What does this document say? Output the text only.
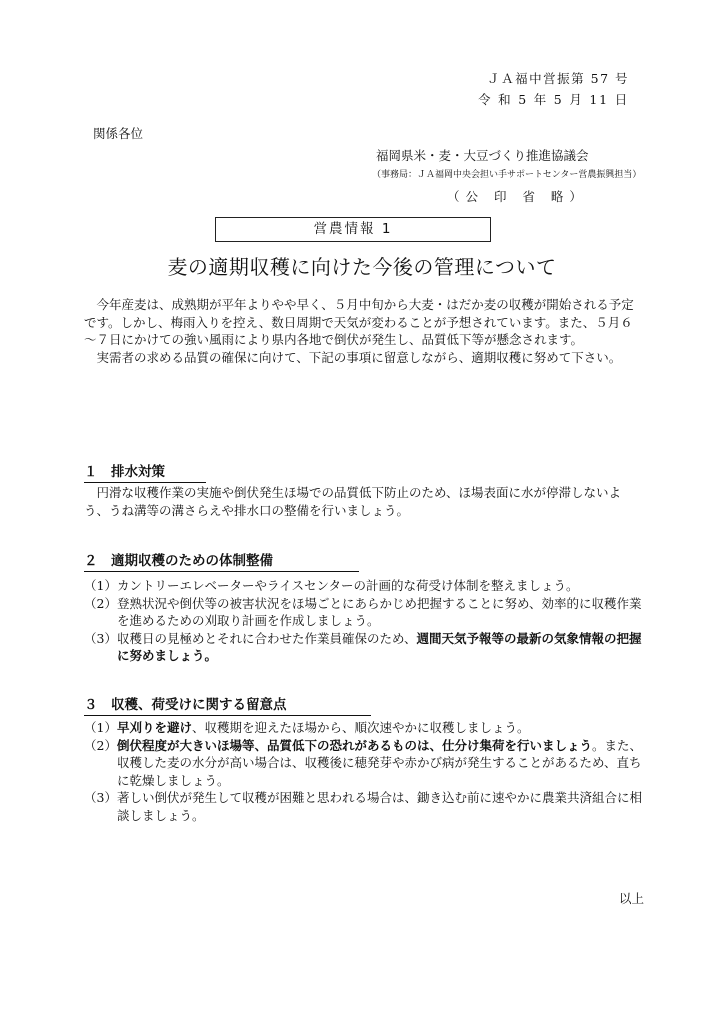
ＪＡ福中営振第 57 号
令 和 5 年 5 月 11 日
関係各位
福岡県米・麦・大豆づくり推進協議会
（事務局：ＪＡ福岡中央会担い手サポートセンター営農振興担当）
（公 印 省 略）
営農情報 1
麦の適期収穫に向けた今後の管理について

今年産麦は、成熟期が平年よりやや早く、５月中旬から大麦・はだか麦の収穫が開始される予定です。しかし、梅雨入りを控え、数日周期で天気が変わることが予想されています。また、５月６～７日にかけての強い風雨により県内各地で倒伏が発生し、品質低下等が懸念されます。

実需者の求める品質の確保に向けて、下記の事項に留意しながら、適期収穫に努めて下さい。

１　排水対策

円滑な収穫作業の実施や倒伏発生ほ場での品質低下防止のため、ほ場表面に水が停滞しないよう、うね溝等の溝さらえや排水口の整備を行いましょう。

２　適期収穫のための体制整備
（1） カントリーエレベーターやライスセンターの計画的な荷受け体制を整えましょう。
（2） 登熟状況や倒伏等の被害状況をほ場ごとにあらかじめ把握することに努め、効率的に収穫作業を進めるための刈取り計画を作成しましょう。
（3） 収穫日の見極めとそれに合わせた作業員確保のため、週間天気予報等の最新の気象情報の把握に努めましょう。
３　収穫、荷受けに関する留意点
（1） 早刈りを避け、収穫期を迎えたほ場から、順次速やかに収穫しましょう。
（2） 倒伏程度が大きいほ場等、品質低下の恐れがあるものは、仕分け集荷を行いましょう。また、収穫した麦の水分が高い場合は、収穫後に穂発芽や赤かび病が発生することがあるため、直ちに乾燥しましょう。
（3） 著しい倒伏が発生して収穫が困難と思われる場合は、鋤き込む前に速やかに農業共済組合に相談しましょう。
以上
